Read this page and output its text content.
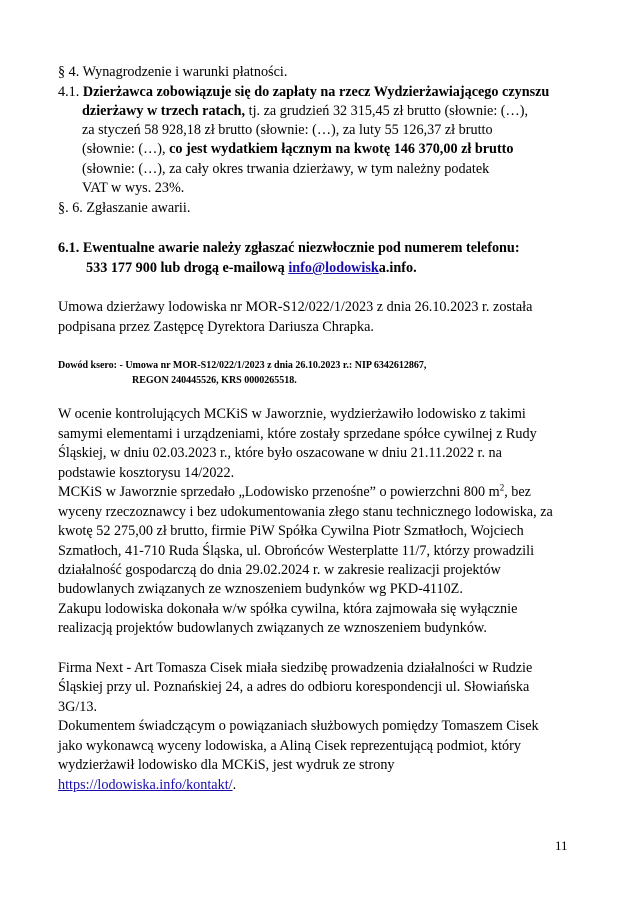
§ 4. Wynagrodzenie i warunki płatności.
4.1. Dzierżawca zobowiązuje się do zapłaty na rzecz Wydzierżawiającego czynszu
dzierżawy w trzech ratach, tj. za grudzień 32 315,45 zł brutto (słownie: (…),
za styczeń 58 928,18 zł brutto (słownie: (…), za luty 55 126,37 zł brutto
(słownie: (…), co jest wydatkiem łącznym na kwotę 146 370,00 zł brutto
(słownie: (…), za cały okres trwania dzierżawy, w tym należny podatek
VAT w wys. 23%.
§. 6. Zgłaszanie awarii.
6.1. Ewentualne awarie należy zgłaszać niezwłocznie pod numerem telefonu:
533 177 900 lub drogą e-mailową info@lodowiska.info.
Umowa dzierżawy lodowiska nr MOR-S12/022/1/2023 z dnia 26.10.2023 r. została
podpisana przez Zastępcę Dyrektora Dariusza Chrapka.
Dowód ksero: - Umowa nr MOR-S12/022/1/2023 z dnia 26.10.2023 r.: NIP 6342612867,
REGON 240445526, KRS 0000265518.
W ocenie kontrolujących MCKiS w Jaworznie, wydzierżawiło lodowisko z takimi
samymi elementami i urządzeniami, które zostały sprzedane spółce cywilnej z Rudy
Śląskiej, w dniu 02.03.2023 r., które było oszacowane w dniu 21.11.2022 r. na
podstawie kosztorysu 14/2022.
MCKiS w Jaworznie sprzedało „Lodowisko przenośne” o powierzchni 800 $m^2$, bez
wyceny rzeczoznawcy i bez udokumentowania złego stanu technicznego lodowiska, za
kwotę 52 275,00 zł brutto, firmie PiW Spółka Cywilna Piotr Szmatłoch, Wojciech
Szmatłoch, 41-710 Ruda Śląska, ul. Obrońców Westerplatte 11/7, którzy prowadzili
działalność gospodarczą do dnia 29.02.2024 r. w zakresie realizacji projektów
budowlanych związanych ze wznoszeniem budynków wg PKD-4110Z.
Zakupu lodowiska dokonała w/w spółka cywilna, która zajmowała się wyłącznie
realizacją projektów budowlanych związanych ze wznoszeniem budynków.
Firma Next - Art Tomasza Cisek miała siedzibę prowadzenia działalności w Rudzie
Śląskiej przy ul. Poznańskiej 24, a adres do odbioru korespondencji ul. Słowiańska
3G/13.
Dokumentem świadczącym o powiązaniach służbowych pomiędzy Tomaszem Cisek
jako wykonawcą wyceny lodowiska, a Aliną Cisek reprezentującą podmiot, który
wydzierżawił lodowisko dla MCKiS, jest wydruk ze strony
https://lodowiska.info/kontakt/.
11
